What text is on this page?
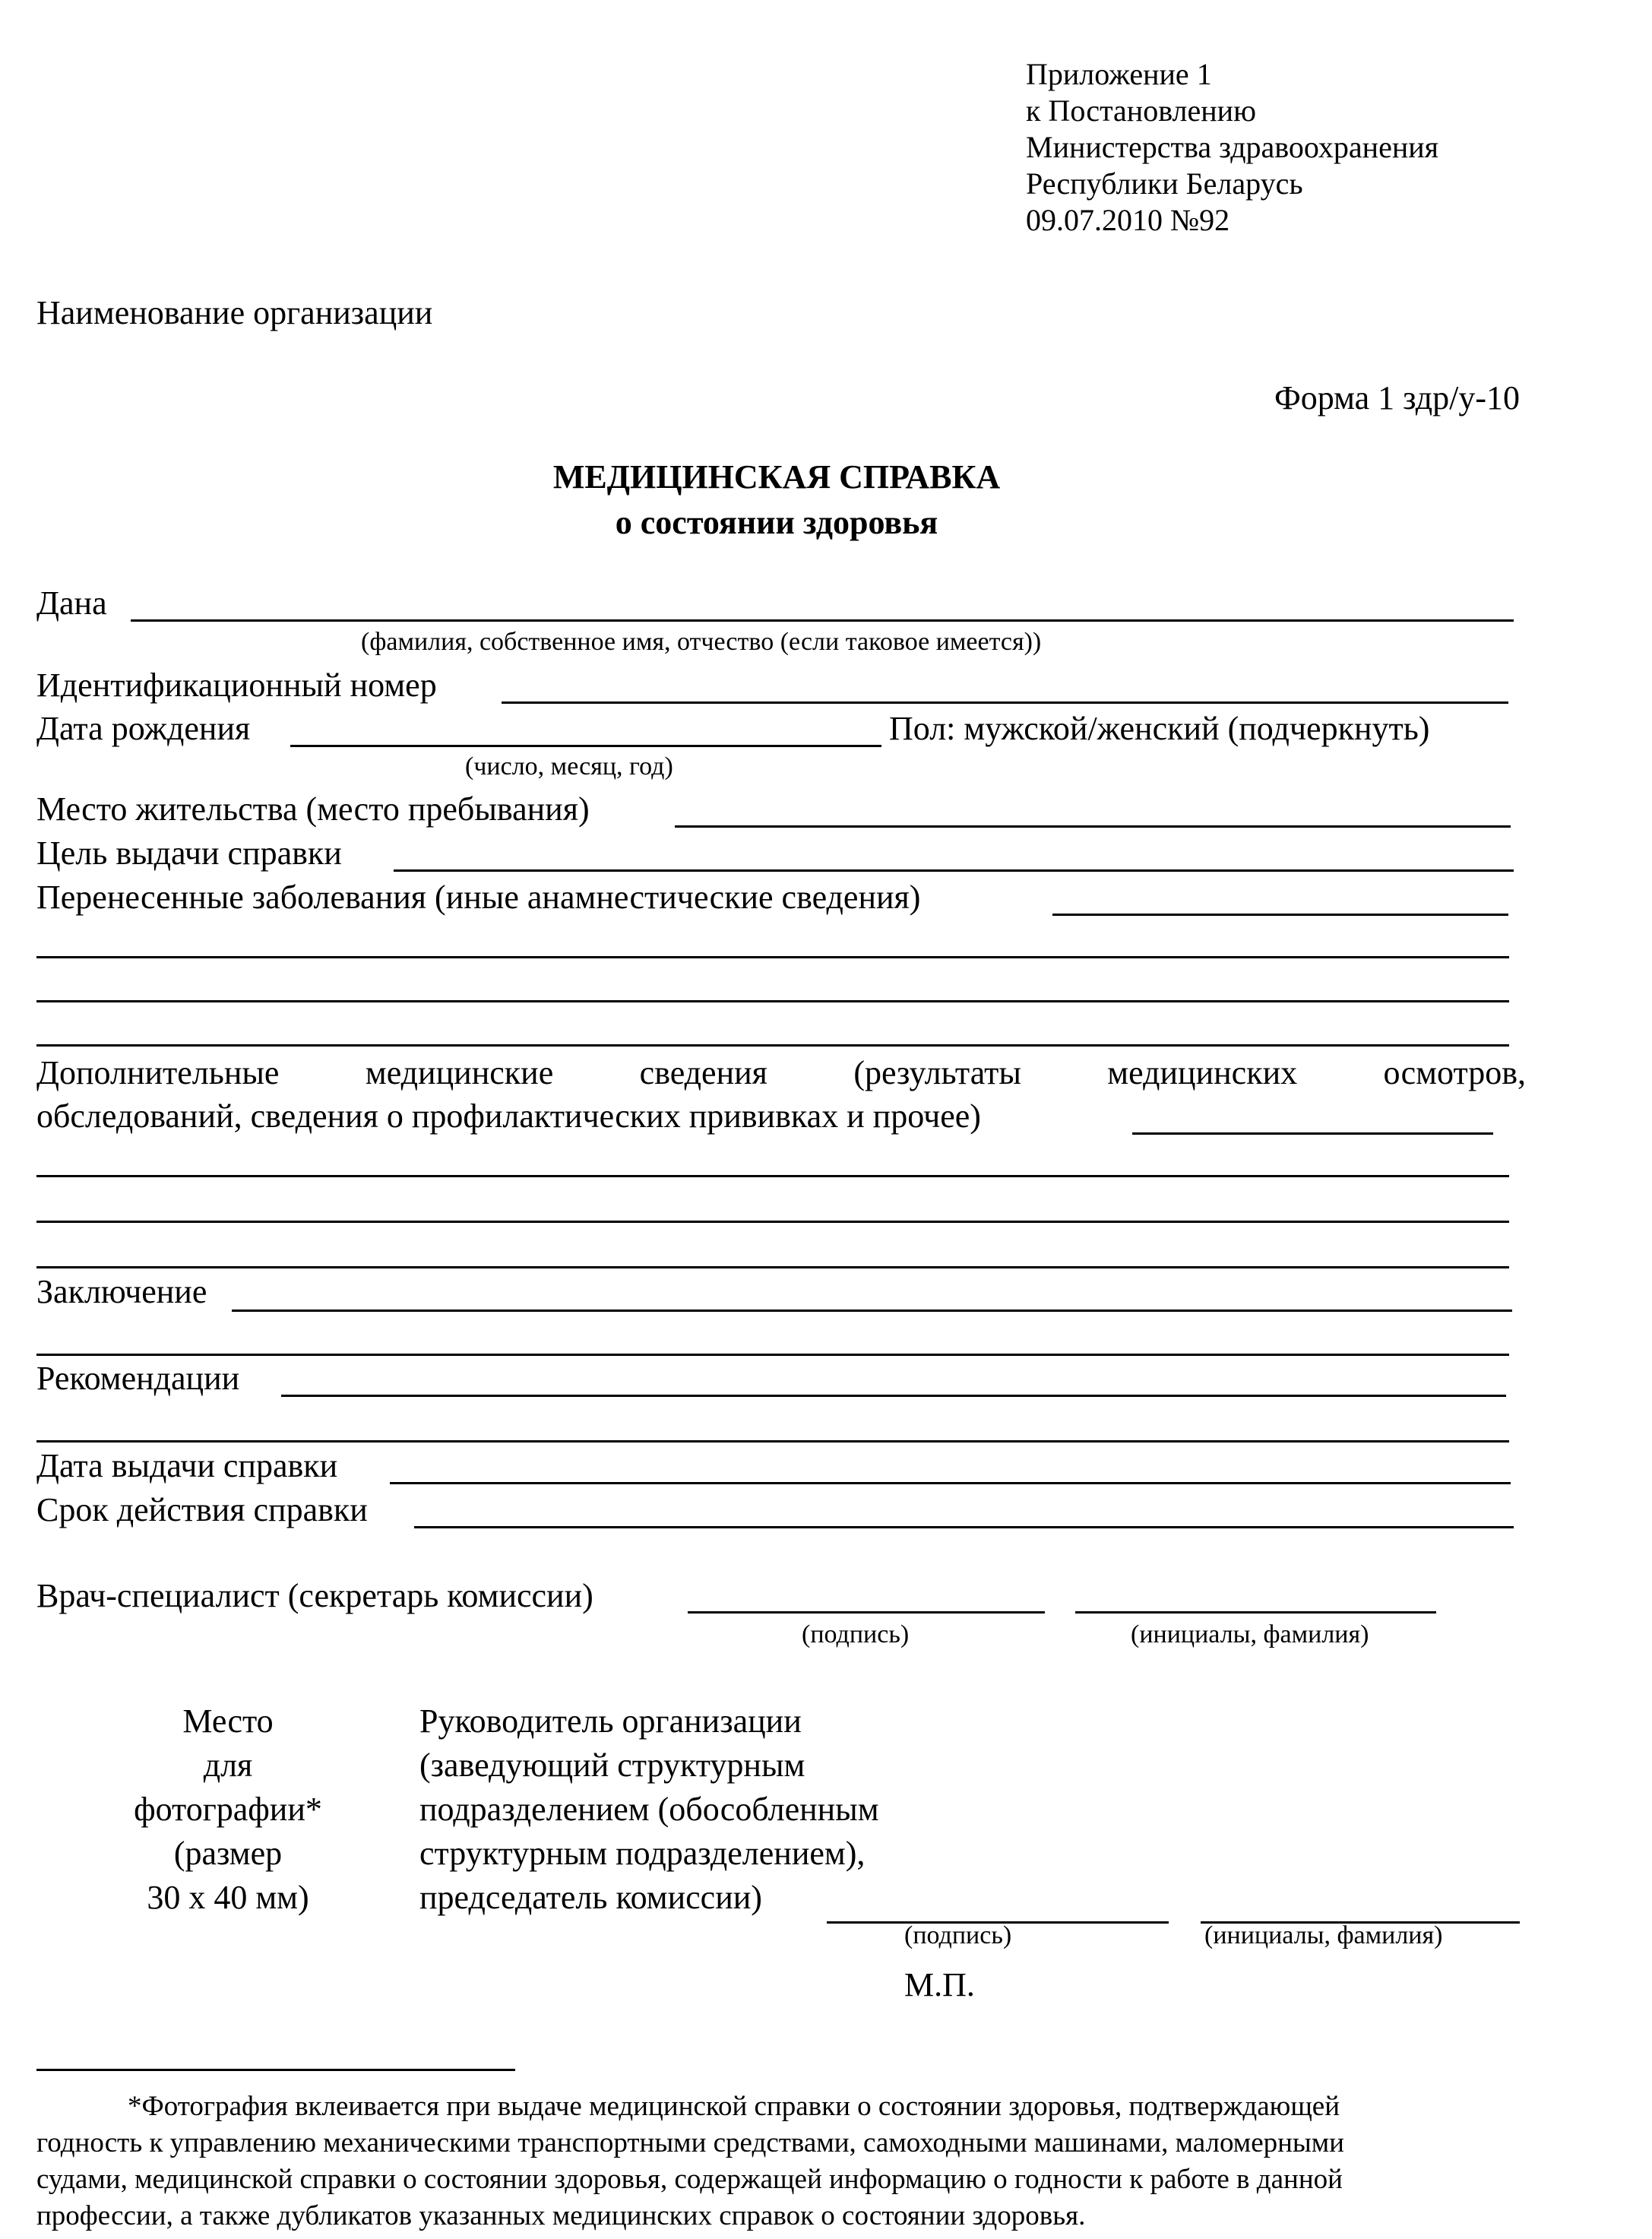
Приложение 1
к Постановлению
Министерства здравоохранения
Республики Беларусь
09.07.2010 №92
Наименование организации
Форма 1 здр/у-10
МЕДИЦИНСКАЯ СПРАВКА
о состоянии здоровья
Дана
(фамилия, собственное имя, отчество (если таковое имеется))
Идентификационный номер
Дата рождения	Пол: мужской/женский (подчеркнуть)
(число, месяц, год)
Место жительства (место пребывания)
Цель выдачи справки
Перенесенные заболевания (иные анамнестические сведения)
Дополнительные медицинские сведения (результаты медицинских осмотров,
обследований, сведения о профилактических прививках и прочее)
Заключение
Рекомендации
Дата выдачи справки
Срок действия справки
Врач-специалист (секретарь комиссии)
(подпись)	(инициалы, фамилия)
Место
для
фотографии*
(размер
30 х 40 мм)
Руководитель организации
(заведующий структурным
подразделением (обособленным
структурным подразделением),
председатель комиссии)
(подпись)	(инициалы, фамилия)
М.П.
*Фотография вклеивается при выдаче медицинской справки о состоянии здоровья, подтверждающей
годность к управлению механическими транспортными средствами, самоходными машинами, маломерными
судами, медицинской справки о состоянии здоровья, содержащей информацию о годности к работе в данной
профессии, а также дубликатов указанных медицинских справок о состоянии здоровья.
